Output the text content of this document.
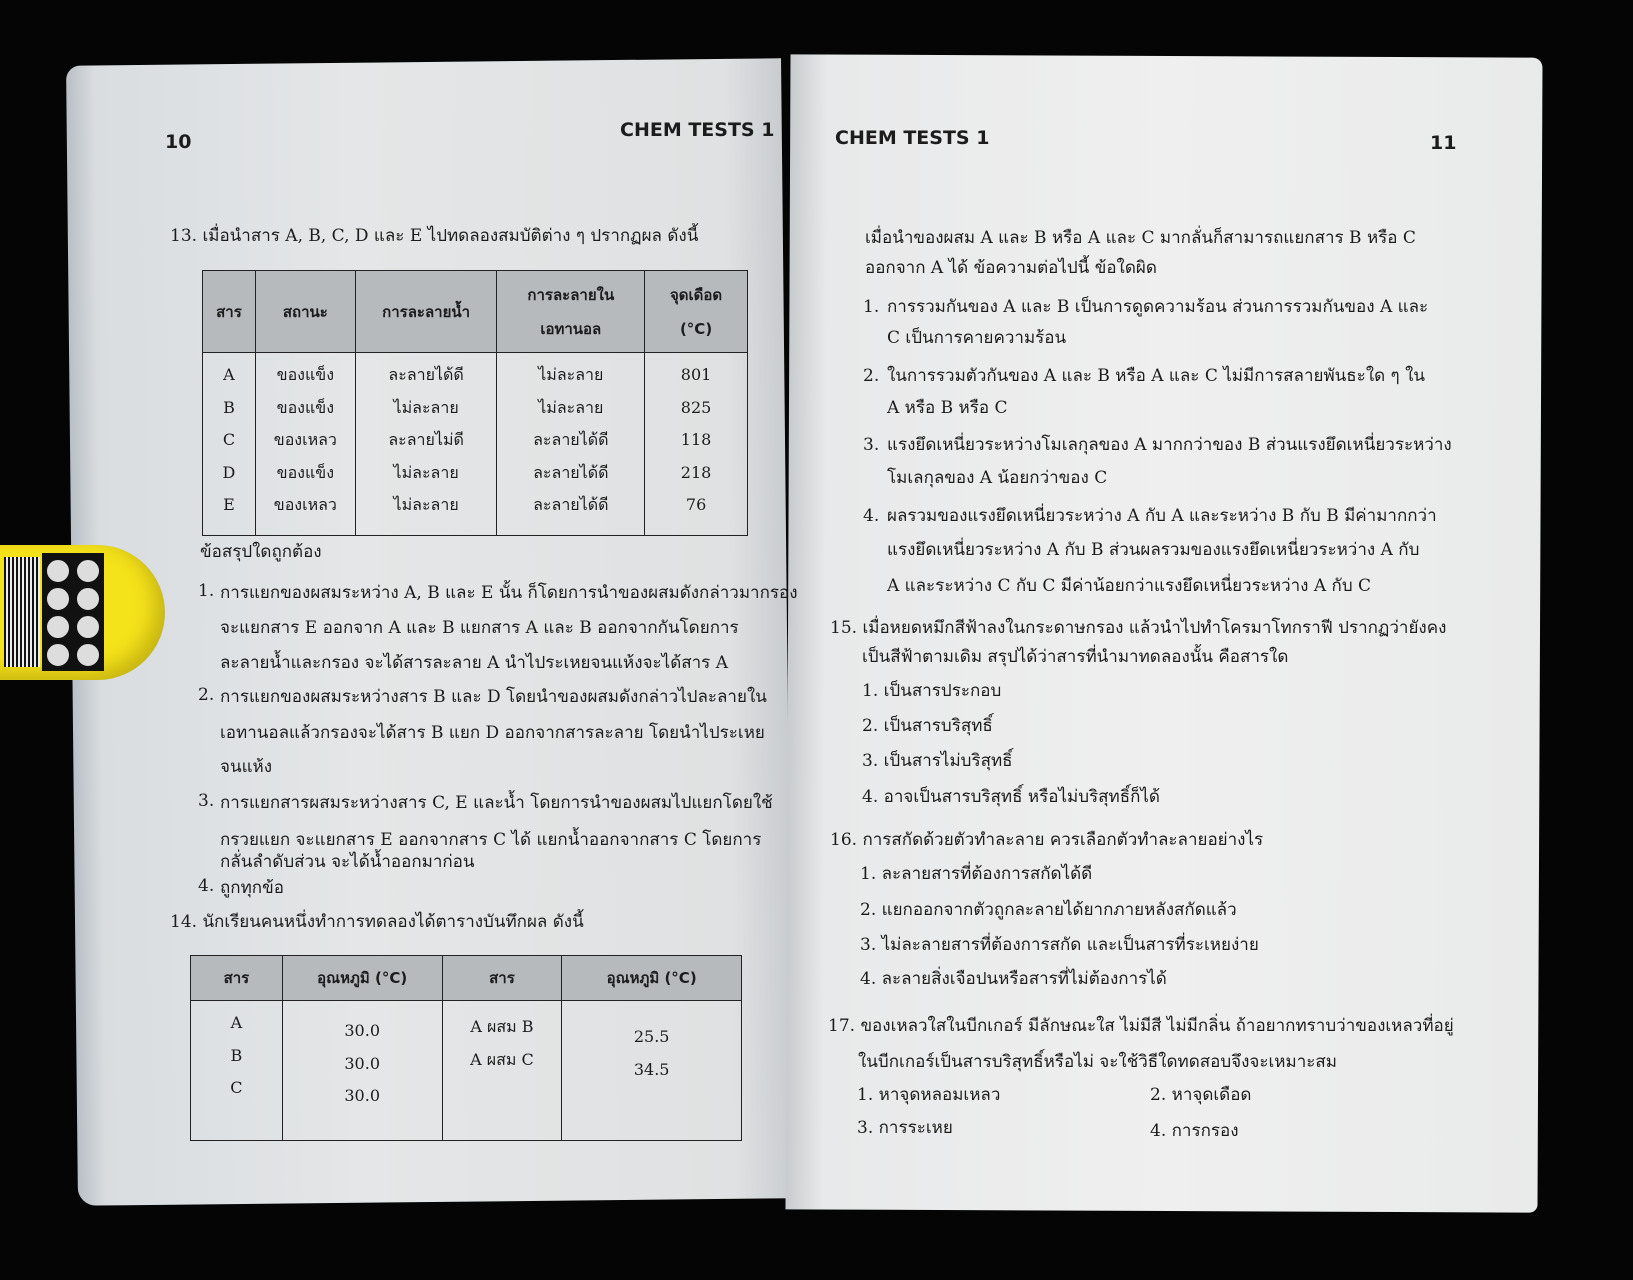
10
CHEM TESTS 1
13. เมื่อนำสาร A, B, C, D และ E ไปทดลองสมบัติต่าง ๆ ปรากฏผล ดังนี้
สาร	สถานะ	การละลายน้ำ	การละลายใน
เอทานอล	จุดเดือด
(°C)

A
B
C
D
E

ของแข็ง
ของแข็ง
ของเหลว
ของแข็ง
ของเหลว

ละลายได้ดี
ไม่ละลาย
ละลายไม่ดี
ไม่ละลาย
ไม่ละลาย

ไม่ละลาย
ไม่ละลาย
ละลายได้ดี
ละลายได้ดี
ละลายได้ดี

801
825
118
218
76
ข้อสรุปใดถูกต้อง
1. การแยกของผสมระหว่าง A, B และ E นั้น ก็โดยการนำของผสมดังกล่าวมากรอง
จะแยกสาร E ออกจาก A และ B แยกสาร A และ B ออกจากกันโดยการ
ละลายน้ำและกรอง จะได้สารละลาย A นำไประเหยจนแห้งจะได้สาร A
2. การแยกของผสมระหว่างสาร B และ D โดยนำของผสมดังกล่าวไปละลายใน
เอทานอลแล้วกรองจะได้สาร B แยก D ออกจากสารละลาย โดยนำไประเหย
จนแห้ง
3. การแยกสารผสมระหว่างสาร C, E และน้ำ โดยการนำของผสมไปแยกโดยใช้
กรวยแยก จะแยกสาร E ออกจากสาร C ได้ แยกน้ำออกจากสาร C โดยการ
กลั่นลำดับส่วน จะได้น้ำออกมาก่อน
4. ถูกทุกข้อ
14. นักเรียนคนหนึ่งทำการทดลองได้ตารางบันทึกผล ดังนี้
สาร	อุณหภูมิ (°C)	สาร	อุณหภูมิ (°C)

A
B
C

30.0
30.0
30.0

A ผสม B
A ผสม C

25.5
34.5
CHEM TESTS 1	11
เมื่อนำของผสม A และ B หรือ A และ C มากลั่นก็สามารถแยกสาร B หรือ C
ออกจาก A ได้ ข้อความต่อไปนี้ ข้อใดผิด
1. การรวมกันของ A และ B เป็นการดูดความร้อน ส่วนการรวมกันของ A และ
C เป็นการคายความร้อน
2. ในการรวมตัวกันของ A และ B หรือ A และ C ไม่มีการสลายพันธะใด ๆ ใน
A หรือ B หรือ C
3. แรงยึดเหนี่ยวระหว่างโมเลกุลของ A มากกว่าของ B ส่วนแรงยึดเหนี่ยวระหว่าง
โมเลกุลของ A น้อยกว่าของ C
4. ผลรวมของแรงยึดเหนี่ยวระหว่าง A กับ A และระหว่าง B กับ B มีค่ามากกว่า
แรงยึดเหนี่ยวระหว่าง A กับ B ส่วนผลรวมของแรงยึดเหนี่ยวระหว่าง A กับ
A และระหว่าง C กับ C มีค่าน้อยกว่าแรงยึดเหนี่ยวระหว่าง A กับ C
15. เมื่อหยดหมึกสีฟ้าลงในกระดาษกรอง แล้วนำไปทำโครมาโทกราฟี ปรากฏว่ายังคง
เป็นสีฟ้าตามเดิม สรุปได้ว่าสารที่นำมาทดลองนั้น คือสารใด
1. เป็นสารประกอบ
2. เป็นสารบริสุทธิ์
3. เป็นสารไม่บริสุทธิ์
4. อาจเป็นสารบริสุทธิ์ หรือไม่บริสุทธิ์ก็ได้
16. การสกัดด้วยตัวทำละลาย ควรเลือกตัวทำละลายอย่างไร
1. ละลายสารที่ต้องการสกัดได้ดี
2. แยกออกจากตัวถูกละลายได้ยากภายหลังสกัดแล้ว
3. ไม่ละลายสารที่ต้องการสกัด และเป็นสารที่ระเหยง่าย
4. ละลายสิ่งเจือปนหรือสารที่ไม่ต้องการได้
17. ของเหลวใสในบีกเกอร์ มีลักษณะใส ไม่มีสี ไม่มีกลิ่น ถ้าอยากทราบว่าของเหลวที่อยู่
ในบีกเกอร์เป็นสารบริสุทธิ์หรือไม่ จะใช้วิธีใดทดสอบจึงจะเหมาะสม
1. หาจุดหลอมเหลว	2. หาจุดเดือด
3. การระเหย	4. การกรอง
